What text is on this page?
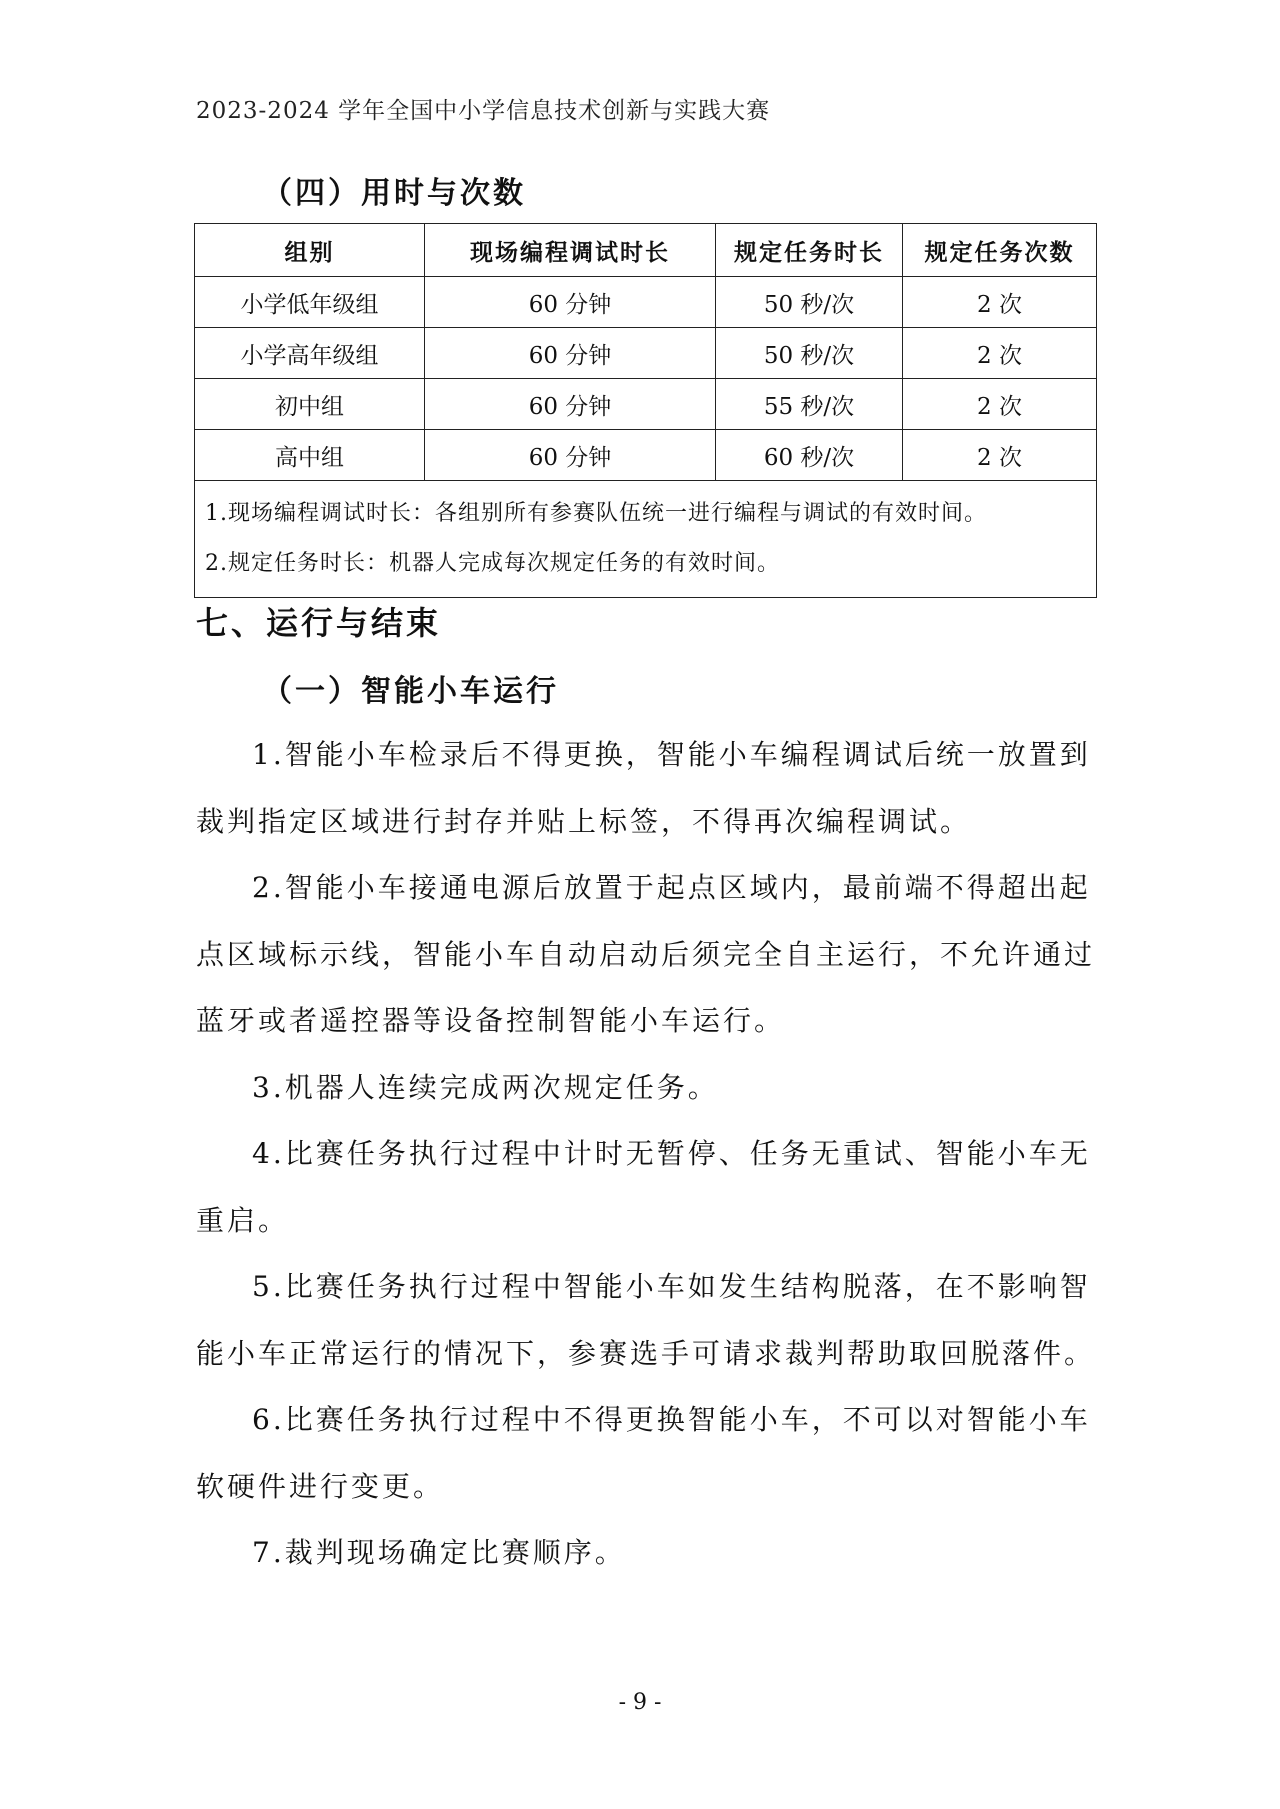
2023-2024 学年全国中小学信息技术创新与实践大赛
（四）用时与次数
组别	现场编程调试时长	规定任务时长	规定任务次数
小学低年级组	60 分钟	50 秒/次	2 次
小学高年级组	60 分钟	50 秒/次	2 次
初中组	60 分钟	55 秒/次	2 次
高中组	60 分钟	60 秒/次	2 次

1.现场编程调试时长：各组别所有参赛队伍统一进行编程与调试的有效时间。
2.规定任务时长：机器人完成每次规定任务的有效时间。			
七、运行与结束
（一）智能小车运行

1.智能小车检录后不得更换，智能小车编程调试后统一放置到裁判指定区域进行封存并贴上标签，不得再次编程调试。

2.智能小车接通电源后放置于起点区域内，最前端不得超出起点区域标示线，智能小车自动启动后须完全自主运行，不允许通过蓝牙或者遥控器等设备控制智能小车运行。

3.机器人连续完成两次规定任务。

4.比赛任务执行过程中计时无暂停、任务无重试、智能小车无重启。

5.比赛任务执行过程中智能小车如发生结构脱落，在不影响智能小车正常运行的情况下，参赛选手可请求裁判帮助取回脱落件。

6.比赛任务执行过程中不得更换智能小车，不可以对智能小车软硬件进行变更。

7.裁判现场确定比赛顺序。

- 9 -
